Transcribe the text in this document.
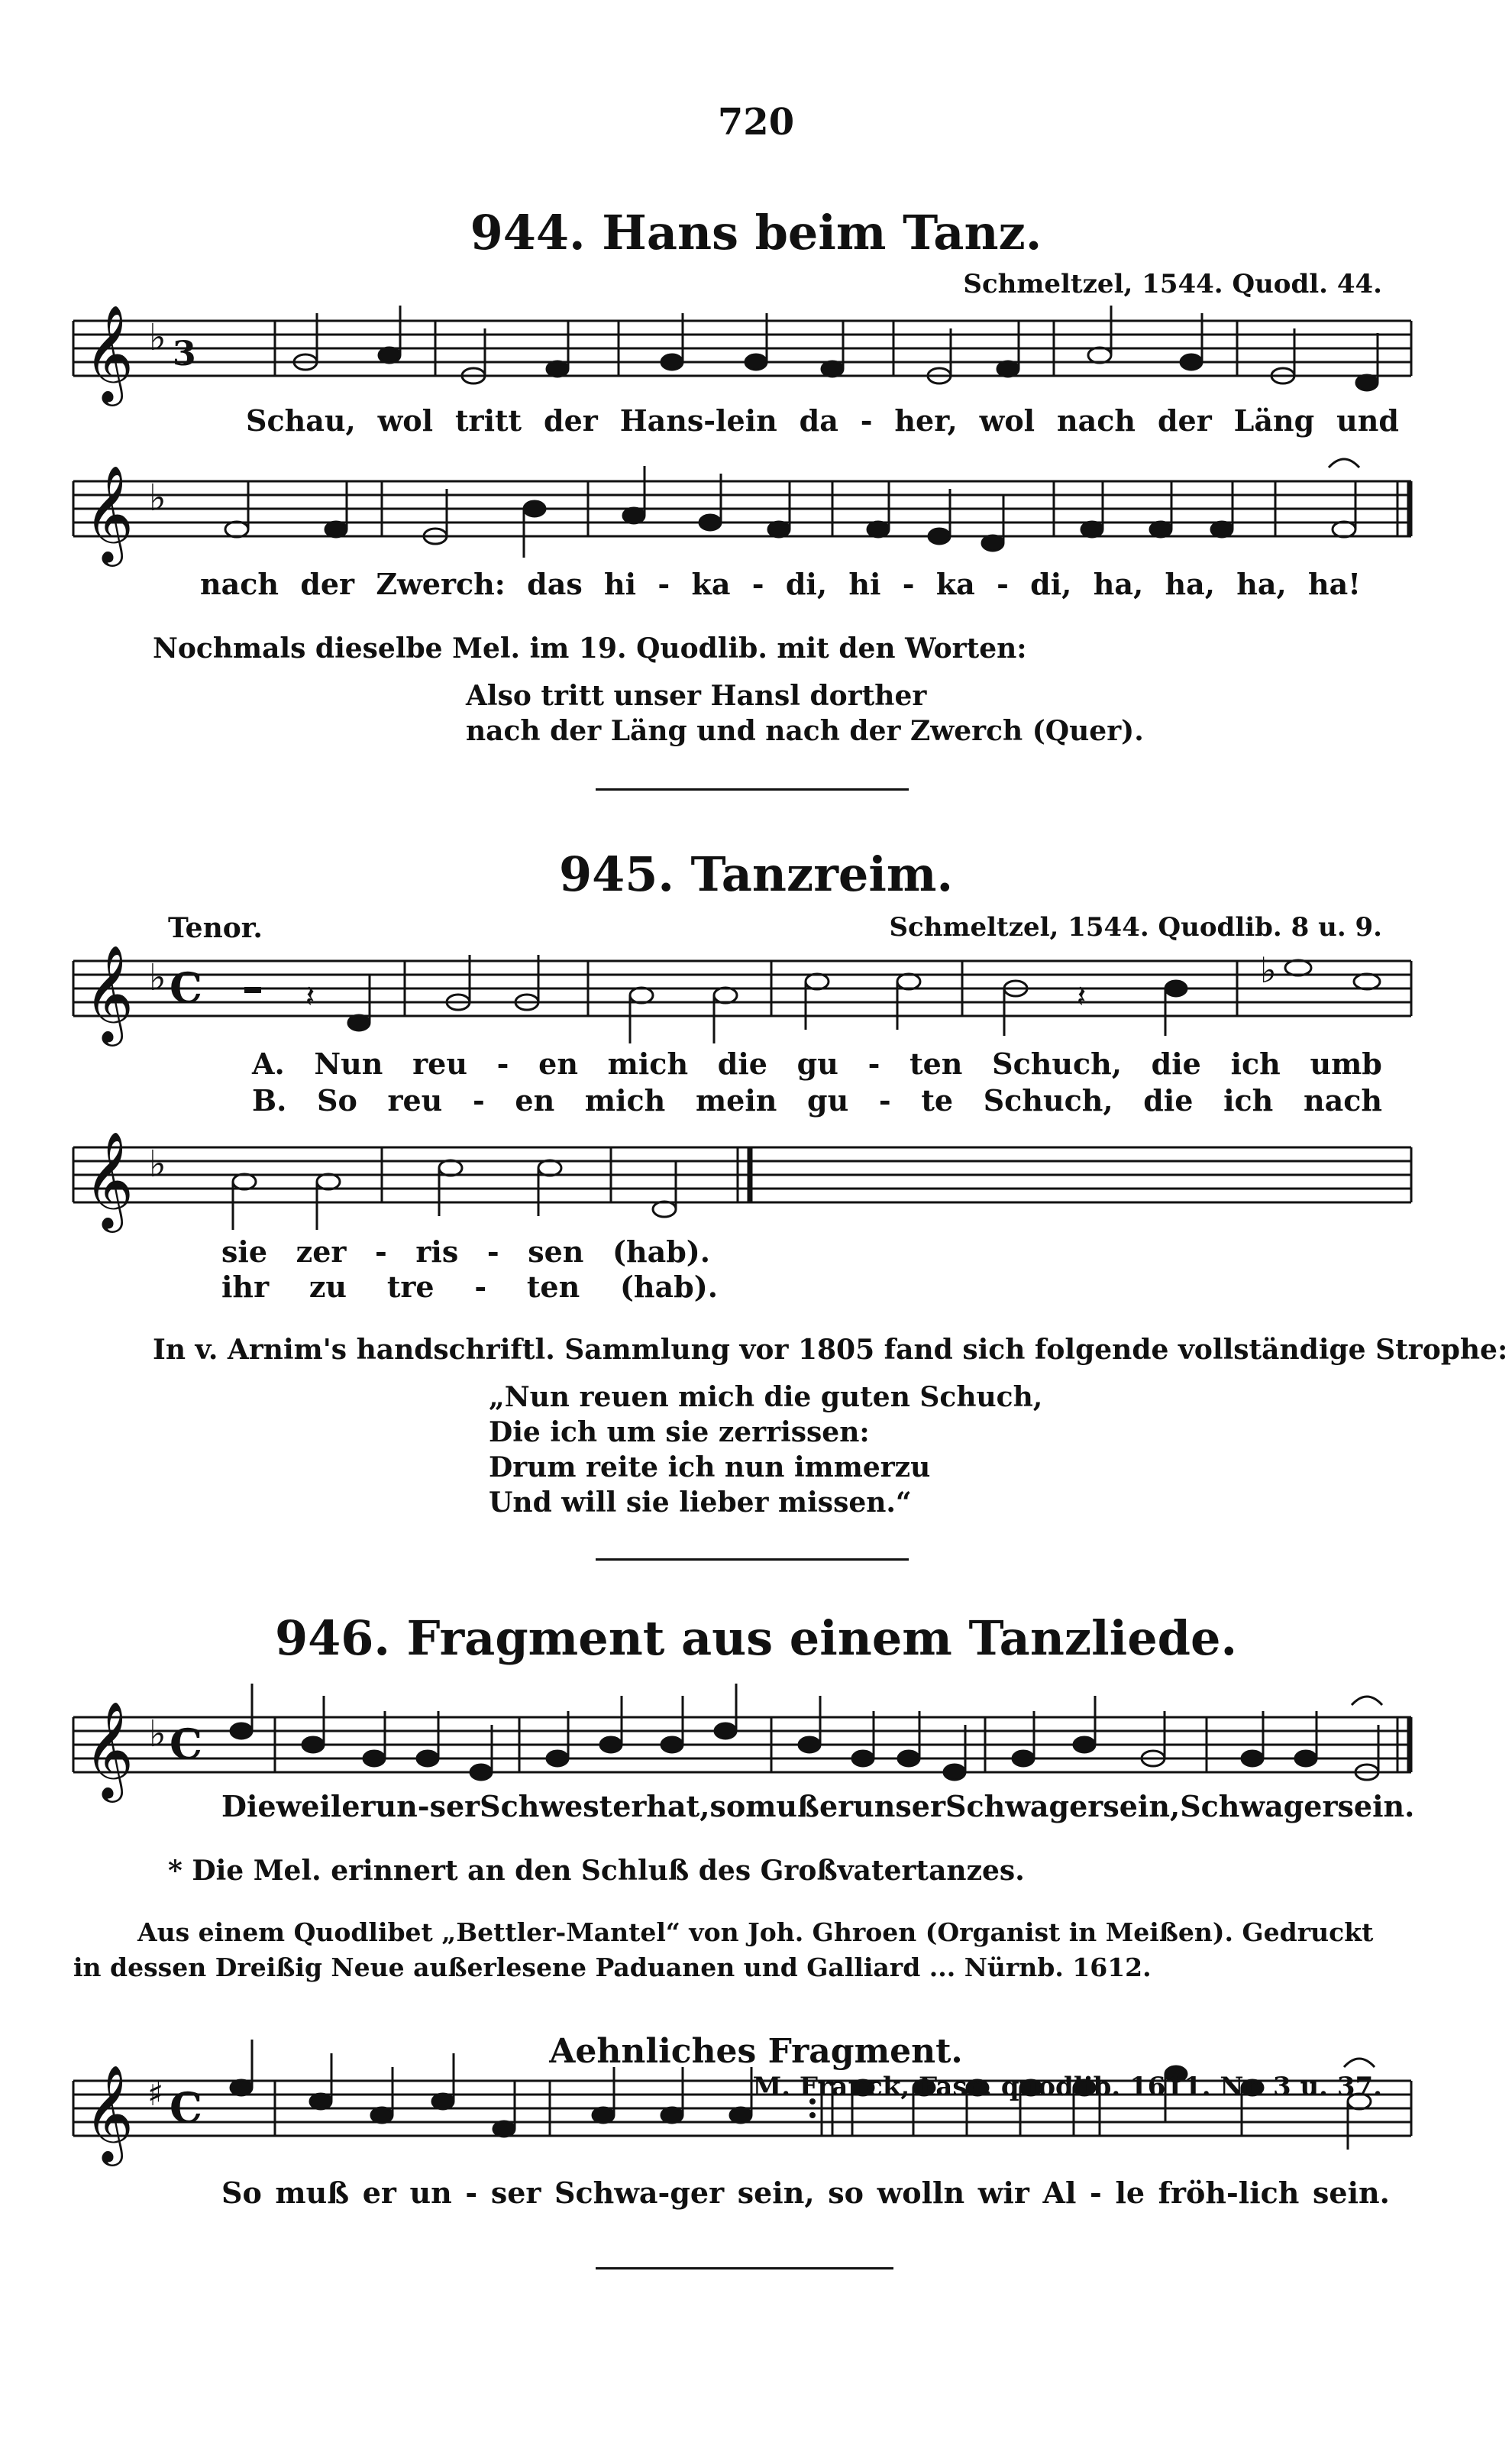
720
944. Hans beim Tanz.
Schmeltzel, 1544. Quodl. 44.
𝄞 ♭ 3
𝄞 ♭
𝄞 ♭ C	𝄽	𝄽
♭
𝄞 ♭
𝄞 ♭ C
𝄞 ♯ C
Schau, wol tritt der Hans-lein da - her, wol nach der Läng und
nach der Zwerch: das hi - ka - di, hi - ka - di, ha, ha, ha, ha!
Nochmals dieselbe Mel. im 19. Quodlib. mit den Worten:
Also tritt unser Hansl dorther
nach der Läng und nach der Zwerch (Quer).
945. Tanzreim.
Tenor.	Schmeltzel, 1544. Quodlib. 8 u. 9.
A. Nun reu - en mich die gu - ten Schuch, die ich umb
B. So reu - en mich mein gu - te Schuch, die ich nach
sie zer - ris - sen (hab).
ihr zu tre - ten (hab).
In v. Arnim's handschriftl. Sammlung vor 1805 fand sich folgende vollständige Strophe:
„Nun reuen mich die guten Schuch,
Die ich um sie zerrissen:
Drum reite ich nun immerzu
Und will sie lieber missen.“
946. Fragment aus einem Tanzliede.
Die weil er un-ser Schwester hat, so muß er unser Schwager sein, Schwager sein.
* Die Mel. erinnert an den Schluß des Großvatertanzes.
Aus einem Quodlibet „Bettler-Mantel“ von Joh. Ghroen (Organist in Meißen). Gedruckt
in dessen Dreißig Neue außerlesene Paduanen und Galliard ... Nürnb. 1612.
Aehnliches Fragment.
M. Franck, Fasc. quodlib. 1611. Nr. 3 u. 37.
So muß er un - ser Schwa-ger sein, so wolln wir Al - le fröh-lich sein.
